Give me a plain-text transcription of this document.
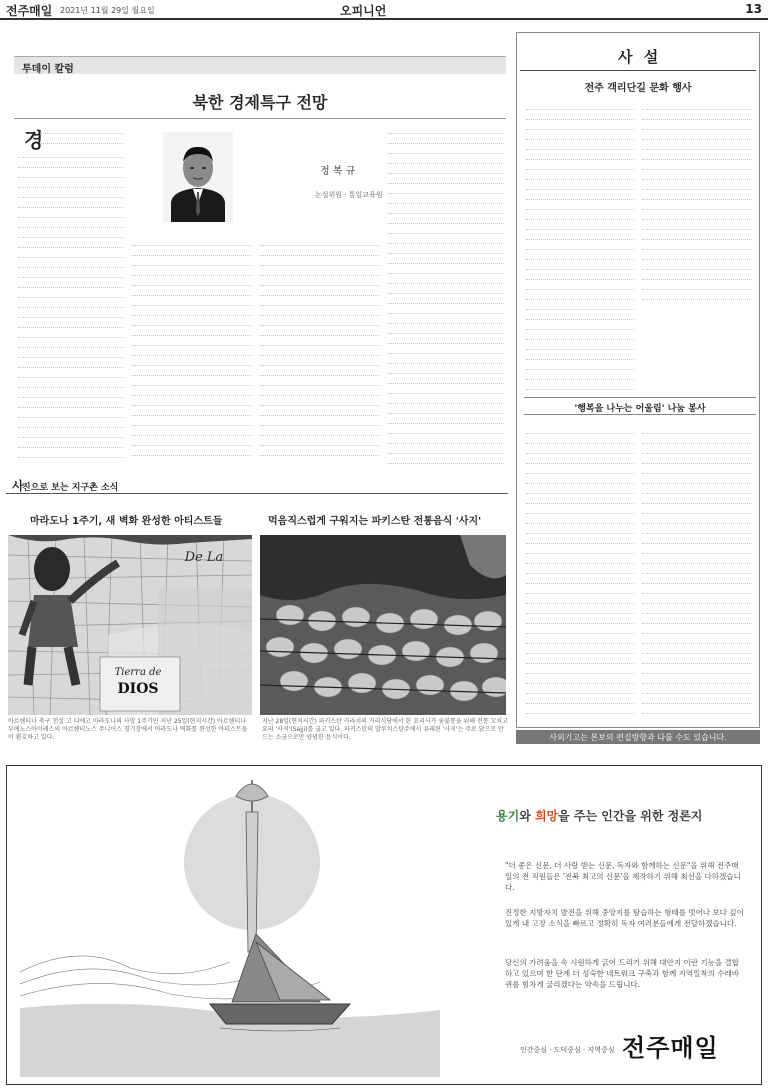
전주매일 2021년 11월 29일 월요일	오피니언	13
투데이 칼럼
북한 경제특구 전망
정 복 규
논설위원 · 통일교육원
경
사 설
전주 객리단길 문화 행사
'행복을 나누는 어울림' 나눔 봉사
사외기고는 본보의 편집방향과 다를 수도 있습니다.
사
진으로 보는 지구촌 소식
마라도나 1주기, 새 벽화 완성한 아티스트들	먹음직스럽게 구워지는 파키스탄 전통음식 '사지'
De La
Tierra de
DIOS
아르헨티나 축구 전설 고 디에고 마라도나의 사망 1주기인 지난 25일(현지시간) 아르헨티나 부에노스아이레스의 아르헨티노스 주니어스 경기장에서 마라도나 벽화를 완성한 아티스트들이 환호하고 있다.
지난 28일(현지시간) 파키스탄 카라치의 거리식당에서 한 요리사가 숯불통을 위해 전통 꼬치고 요리 '사지'(Sajji)를 굽고 있다. 파키스탄의 발루치스탄주에서 유래된 '사지'는 주로 닭으로 만드는 소금으로만 양념한 음식이다.
용기와 희망을 주는 인간을 위한 정론지
"더 좋은 신문, 더 사랑 받는 신문, 독자와 함께하는 신문"을 위해 전주매일의 전 직원들은 '전북 최고의 신문'을 제작하기 위해 최선을 다하겠습니다.
진정한 지방자치 발전을 위해 중앙지를 탐습하는 형태를 벗어나 보다 깊이 있게 내 고장 소식을 빠르고 정확히 독자 여러분들에게 전달하겠습니다.
당신의 가려움을 속 시원하게 긁어 드리기 위해 대안지 이란 기능을 결합하고 있으며 한 단계 더 성숙한 네트워크 구축과 함께 지역밀착의 수레바퀴를 힘차게 굴리겠다는 약속을 드립니다.
인간중심 · 도덕중심 · 지역중심 전주매일
